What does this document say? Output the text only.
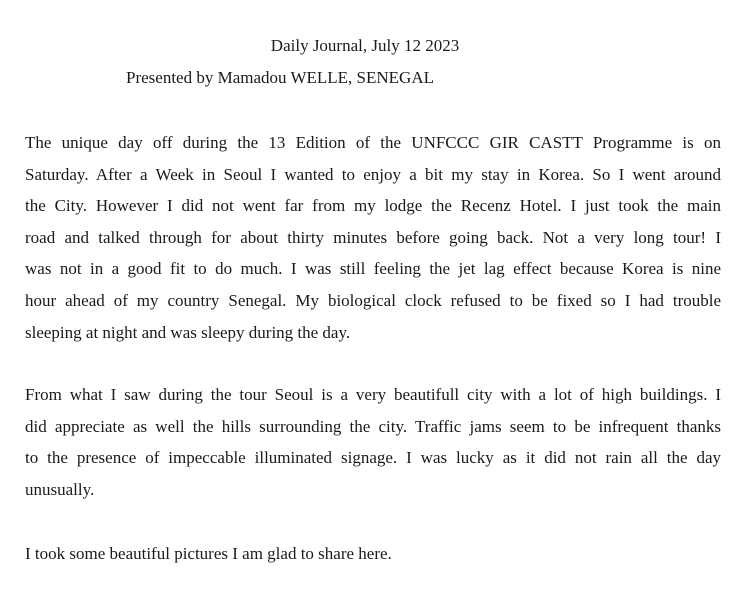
Daily Journal, July 12 2023
Presented by Mamadou WELLE, SENEGAL

The unique day off during the 13 Edition of the UNFCCC GIR CASTT Programme is on
Saturday. After a Week in Seoul I wanted to enjoy a bit my stay in Korea. So I went around
the City. However I did not went far from my lodge the Recenz Hotel. I just took the main
road and talked through for about thirty minutes before going back. Not a very long tour! I
was not in a good fit to do much. I was still feeling the jet lag effect because Korea is nine
hour ahead of my country Senegal. My biological clock refused to be fixed so I had trouble
sleeping at night and was sleepy during the day.

From what I saw during the tour Seoul is a very beautifull city with a lot of high buildings. I
did appreciate as well the hills surrounding the city. Traffic jams seem to be infrequent thanks
to the presence of impeccable illuminated signage. I was lucky as it did not rain all the day
unusually.

I took some beautiful pictures I am glad to share here.
